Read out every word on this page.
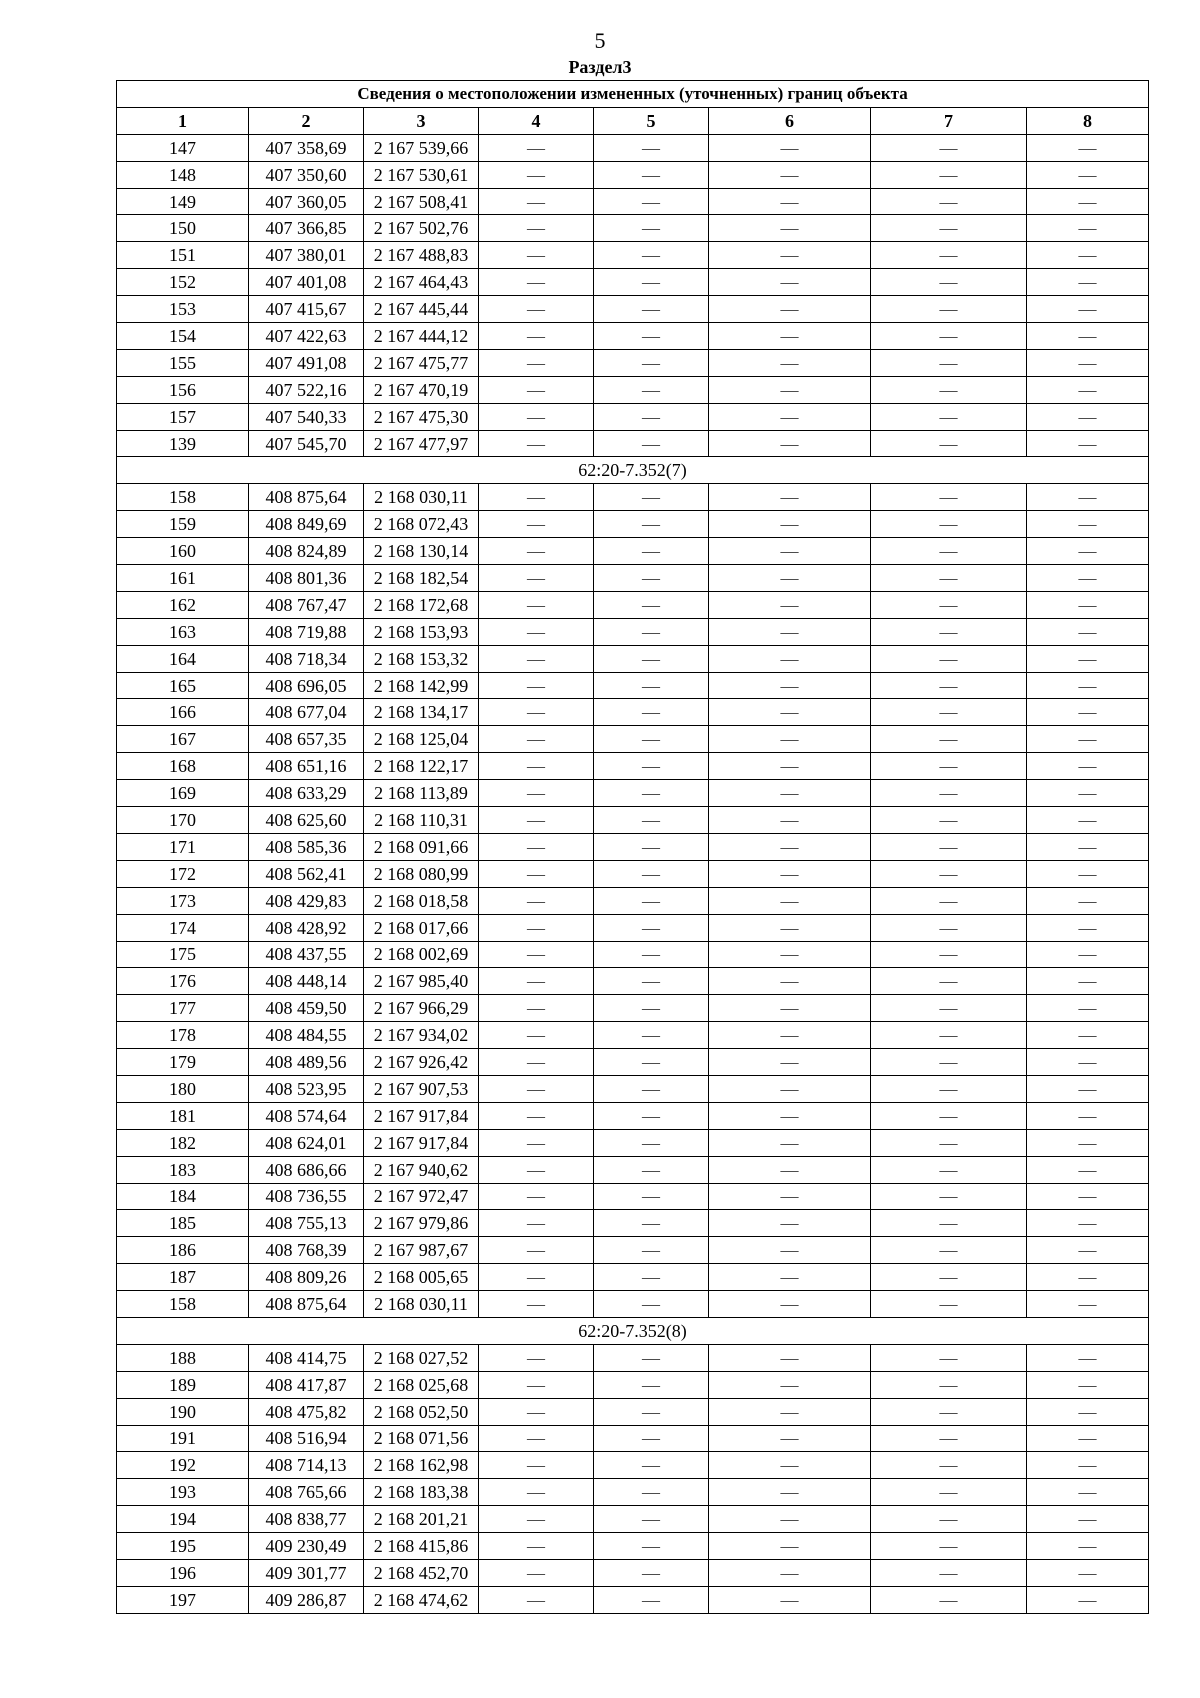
5
Раздел3
Сведения о местоположении измененных (уточненных) границ объекта							
1	2	3	4	5	6	7	8
147	407 358,69	2 167 539,66	—	—	—	—	—
148	407 350,60	2 167 530,61	—	—	—	—	—
149	407 360,05	2 167 508,41	—	—	—	—	—
150	407 366,85	2 167 502,76	—	—	—	—	—
151	407 380,01	2 167 488,83	—	—	—	—	—
152	407 401,08	2 167 464,43	—	—	—	—	—
153	407 415,67	2 167 445,44	—	—	—	—	—
154	407 422,63	2 167 444,12	—	—	—	—	—
155	407 491,08	2 167 475,77	—	—	—	—	—
156	407 522,16	2 167 470,19	—	—	—	—	—
157	407 540,33	2 167 475,30	—	—	—	—	—
139	407 545,70	2 167 477,97	—	—	—	—	—
62:20-7.352(7)							
158	408 875,64	2 168 030,11	—	—	—	—	—
159	408 849,69	2 168 072,43	—	—	—	—	—
160	408 824,89	2 168 130,14	—	—	—	—	—
161	408 801,36	2 168 182,54	—	—	—	—	—
162	408 767,47	2 168 172,68	—	—	—	—	—
163	408 719,88	2 168 153,93	—	—	—	—	—
164	408 718,34	2 168 153,32	—	—	—	—	—
165	408 696,05	2 168 142,99	—	—	—	—	—
166	408 677,04	2 168 134,17	—	—	—	—	—
167	408 657,35	2 168 125,04	—	—	—	—	—
168	408 651,16	2 168 122,17	—	—	—	—	—
169	408 633,29	2 168 113,89	—	—	—	—	—
170	408 625,60	2 168 110,31	—	—	—	—	—
171	408 585,36	2 168 091,66	—	—	—	—	—
172	408 562,41	2 168 080,99	—	—	—	—	—
173	408 429,83	2 168 018,58	—	—	—	—	—
174	408 428,92	2 168 017,66	—	—	—	—	—
175	408 437,55	2 168 002,69	—	—	—	—	—
176	408 448,14	2 167 985,40	—	—	—	—	—
177	408 459,50	2 167 966,29	—	—	—	—	—
178	408 484,55	2 167 934,02	—	—	—	—	—
179	408 489,56	2 167 926,42	—	—	—	—	—
180	408 523,95	2 167 907,53	—	—	—	—	—
181	408 574,64	2 167 917,84	—	—	—	—	—
182	408 624,01	2 167 917,84	—	—	—	—	—
183	408 686,66	2 167 940,62	—	—	—	—	—
184	408 736,55	2 167 972,47	—	—	—	—	—
185	408 755,13	2 167 979,86	—	—	—	—	—
186	408 768,39	2 167 987,67	—	—	—	—	—
187	408 809,26	2 168 005,65	—	—	—	—	—
158	408 875,64	2 168 030,11	—	—	—	—	—
62:20-7.352(8)							
188	408 414,75	2 168 027,52	—	—	—	—	—
189	408 417,87	2 168 025,68	—	—	—	—	—
190	408 475,82	2 168 052,50	—	—	—	—	—
191	408 516,94	2 168 071,56	—	—	—	—	—
192	408 714,13	2 168 162,98	—	—	—	—	—
193	408 765,66	2 168 183,38	—	—	—	—	—
194	408 838,77	2 168 201,21	—	—	—	—	—
195	409 230,49	2 168 415,86	—	—	—	—	—
196	409 301,77	2 168 452,70	—	—	—	—	—
197	409 286,87	2 168 474,62	—	—	—	—	—
